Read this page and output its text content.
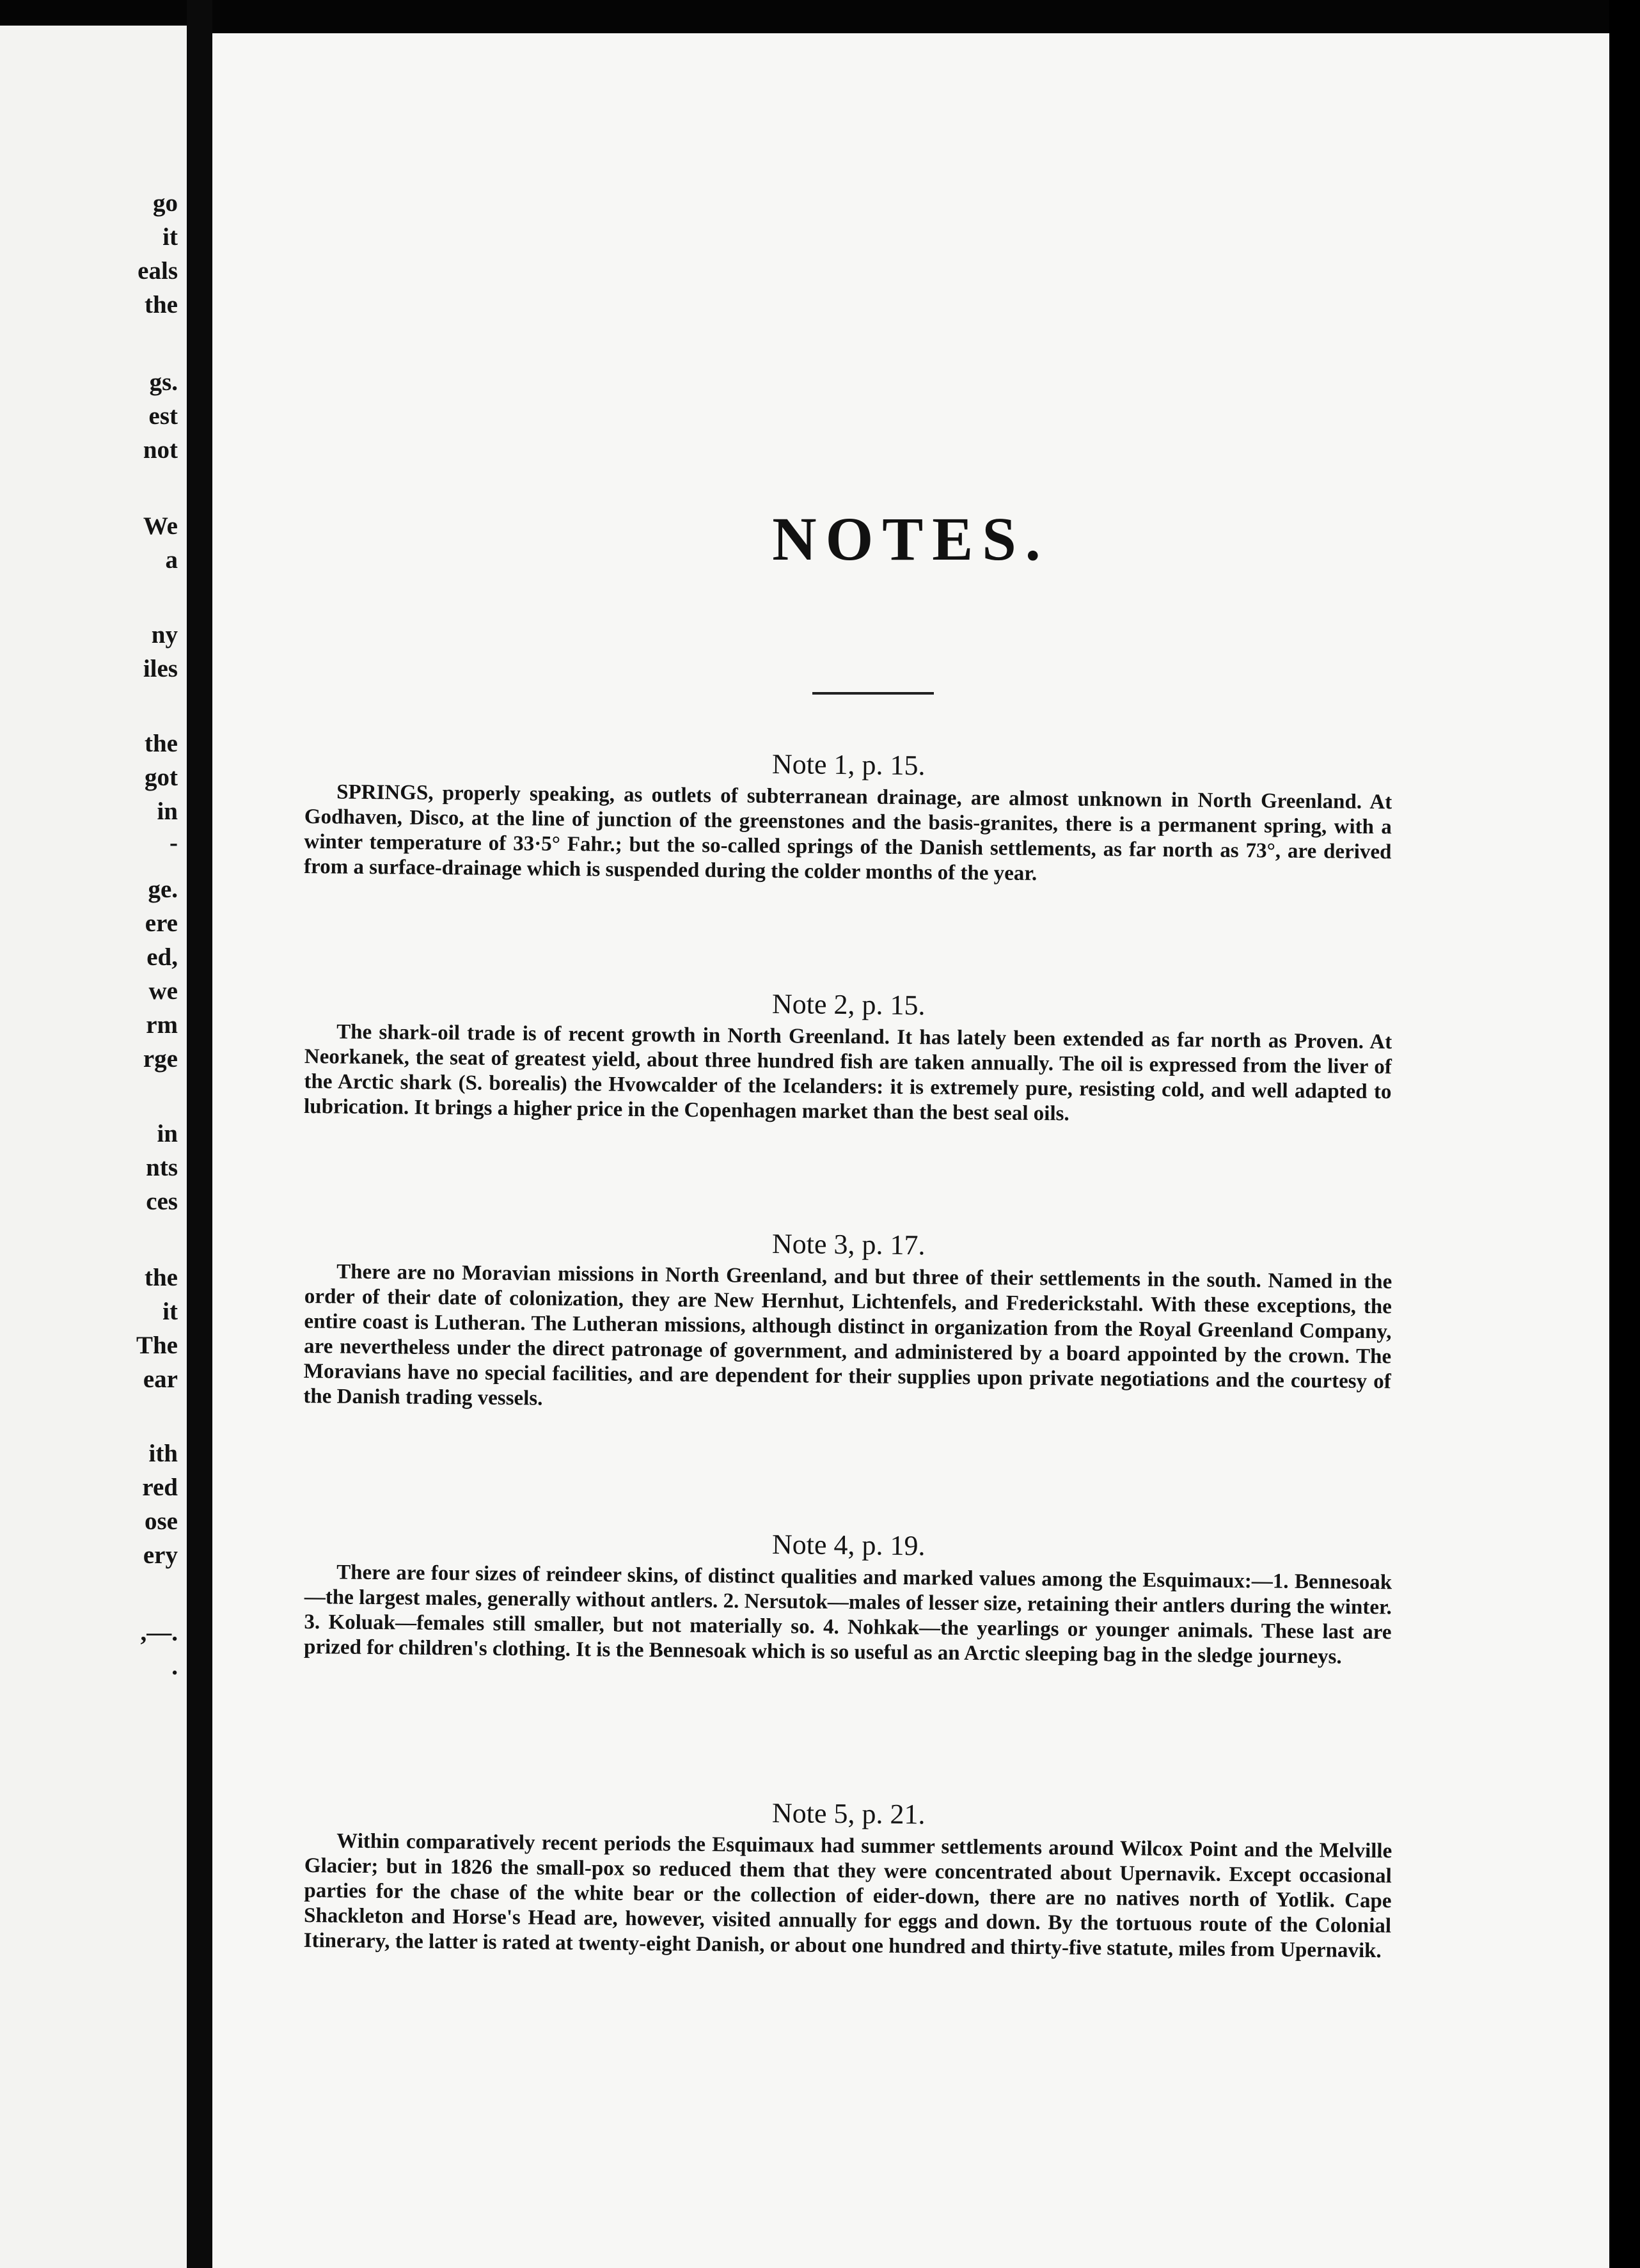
go
it
eals
the
gs.
est
not
We
a
ny
iles
the
got
in
-
ge.
ere
ed,
we
rm
rge
in
nts
ces
the
it
The
ear
ith
red
ose
ery
,—.
.
NOTES.

Note 1, p. 15.

SPRINGS, properly speaking, as outlets of subterranean drainage, are almost unknown in North Greenland. At Godhaven, Disco, at the line of junction of the greenstones and the basis-granites, there is a permanent spring, with a winter temperature of 33·5° Fahr.; but the so-called springs of the Danish settlements, as far north as 73°, are derived from a surface-drainage which is suspended during the colder months of the year.

Note 2, p. 15.

The shark-oil trade is of recent growth in North Greenland. It has lately been extended as far north as Proven. At Neorkanek, the seat of greatest yield, about three hundred fish are taken annually. The oil is expressed from the liver of the Arctic shark (S. borealis) the Hvowcalder of the Icelanders: it is extremely pure, resisting cold, and well adapted to lubrication. It brings a higher price in the Copenhagen market than the best seal oils.

Note 3, p. 17.

There are no Moravian missions in North Greenland, and but three of their settlements in the south. Named in the order of their date of colonization, they are New Hernhut, Lichtenfels, and Frederickstahl. With these exceptions, the entire coast is Lutheran. The Lutheran missions, although distinct in organization from the Royal Greenland Company, are nevertheless under the direct patronage of government, and administered by a board appointed by the crown. The Moravians have no special facilities, and are dependent for their supplies upon private negotiations and the courtesy of the Danish trading vessels.

Note 4, p. 19.

There are four sizes of reindeer skins, of distinct qualities and marked values among the Esquimaux:—1. Bennesoak—the largest males, generally without antlers. 2. Nersutok—males of lesser size, retaining their antlers during the winter. 3. Koluak—females still smaller, but not materially so. 4. Nohkak—the yearlings or younger animals. These last are prized for children's clothing. It is the Bennesoak which is so useful as an Arctic sleeping bag in the sledge journeys.

Note 5, p. 21.

Within comparatively recent periods the Esquimaux had summer settlements around Wilcox Point and the Melville Glacier; but in 1826 the small-pox so reduced them that they were concentrated about Upernavik. Except occasional parties for the chase of the white bear or the collection of eider-down, there are no natives north of Yotlik. Cape Shackleton and Horse's Head are, however, visited annually for eggs and down. By the tortuous route of the Colonial Itinerary, the latter is rated at twenty-eight Danish, or about one hundred and thirty-five statute, miles from Upernavik.
